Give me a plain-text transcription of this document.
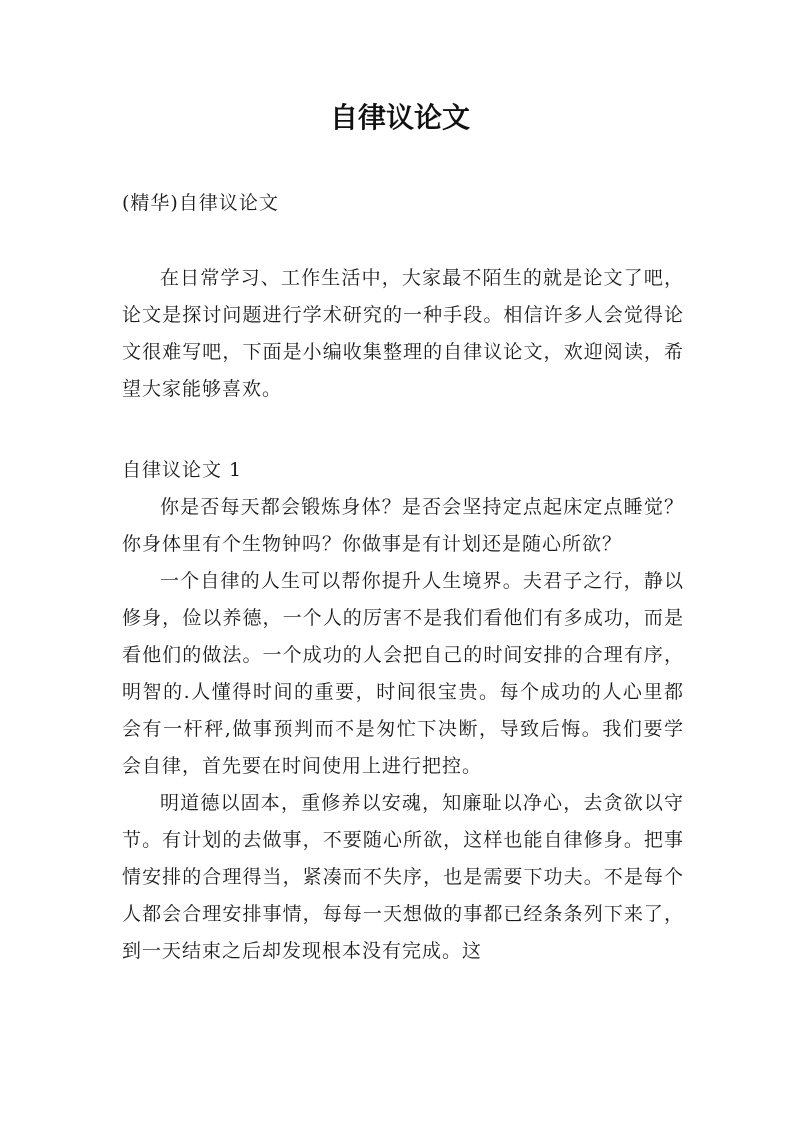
自律议论文

(精华)自律议论文

在日常学习、工作生活中，大家最不陌生的就是论文了吧，论文是探讨问题进行学术研究的一种手段。相信许多人会觉得论文很难写吧，下面是小编收集整理的自律议论文，欢迎阅读，希望大家能够喜欢。

自律议论文 1

你是否每天都会锻炼身体？是否会坚持定点起床定点睡觉？你身体里有个生物钟吗？你做事是有计划还是随心所欲？

一个自律的人生可以帮你提升人生境界。夫君子之行，静以修身，俭以养德，一个人的厉害不是我们看他们有多成功，而是看他们的做法。一个成功的人会把自己的时间安排的合理有序，明智的.人懂得时间的重要，时间很宝贵。每个成功的人心里都会有一杆秤,做事预判而不是匆忙下决断，导致后悔。我们要学会自律，首先要在时间使用上进行把控。

明道德以固本，重修养以安魂，知廉耻以净心，去贪欲以守节。有计划的去做事，不要随心所欲，这样也能自律修身。把事情安排的合理得当，紧凑而不失序，也是需要下功夫。不是每个人都会合理安排事情，每每一天想做的事都已经条条列下来了，到一天结束之后却发现根本没有完成。这
